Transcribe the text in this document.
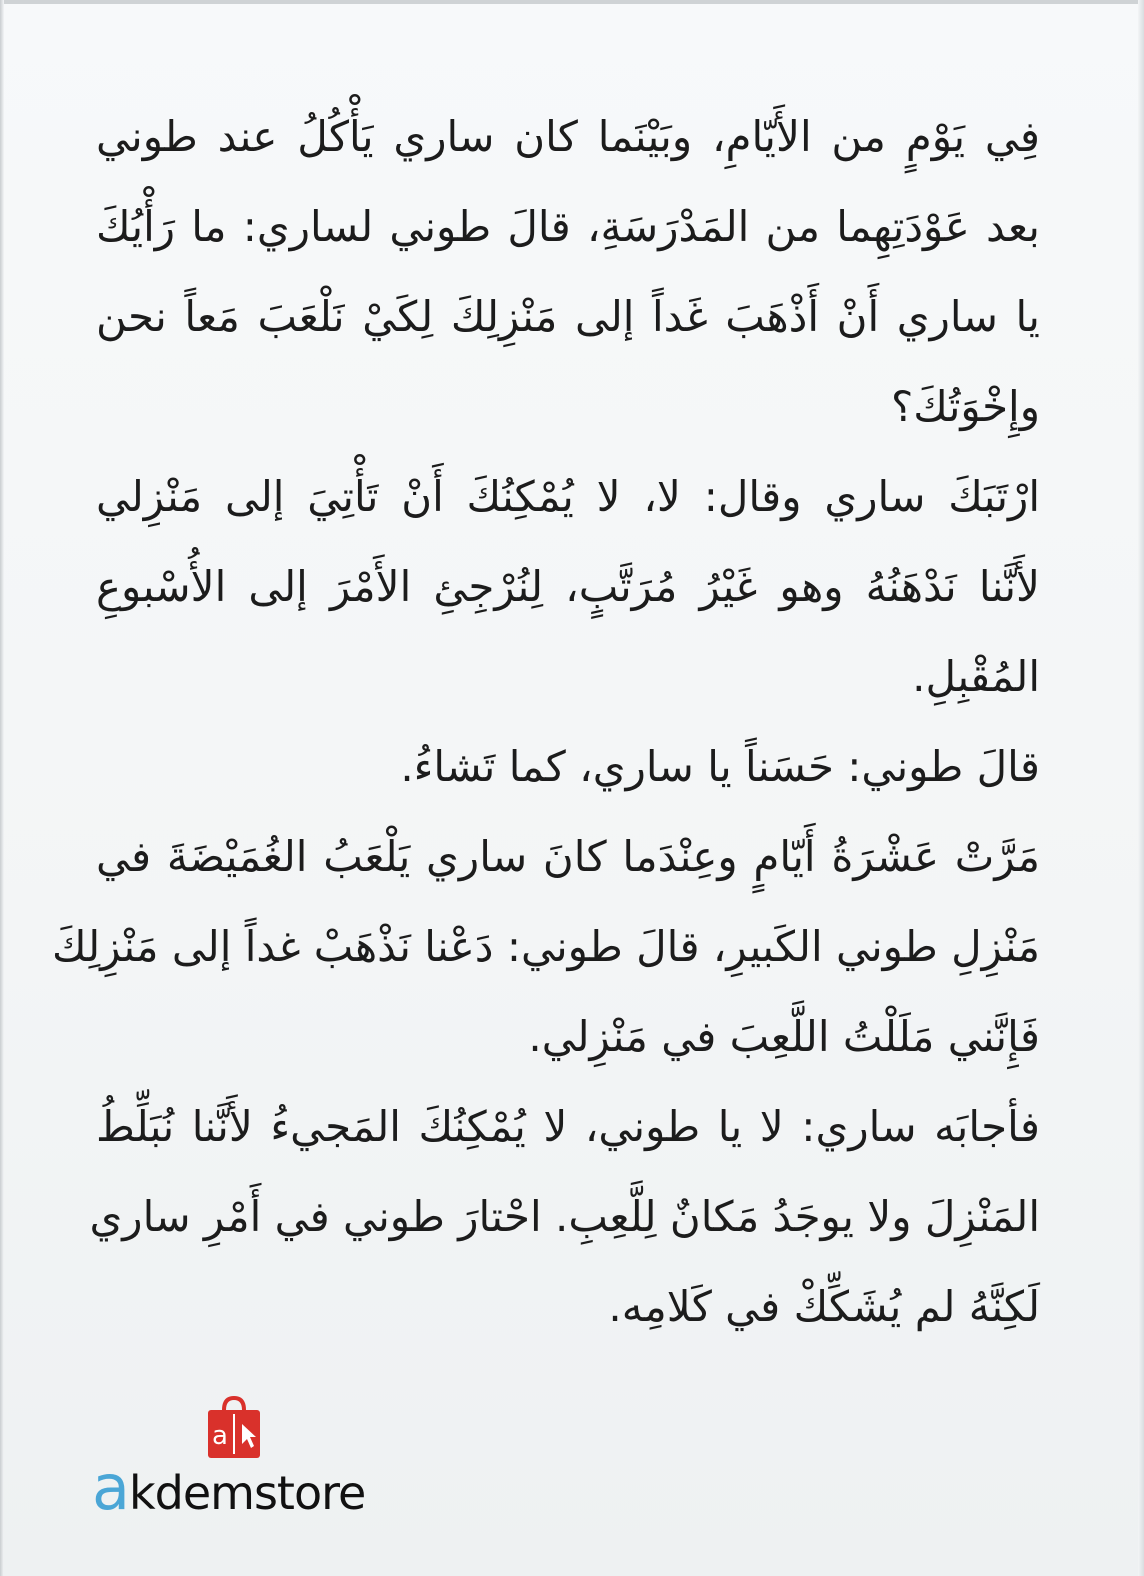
فِي يَوْمٍ من الأَيّامِ، وبَيْنَما كان ساري يَأْكُلُ عند طوني
بعد عَوْدَتِهِما من المَدْرَسَةِ، قالَ طوني لساري: ما رَأْيُكَ
يا ساري أَنْ أَذْهَبَ غَداً إلى مَنْزِلِكَ لِكَيْ نَلْعَبَ مَعاً نحن
وإِخْوَتُكَ؟
ارْتَبَكَ ساري وقال: لا، لا يُمْكِنُكَ أَنْ تَأْتِيَ إلى مَنْزِلي
لأَنَّنا نَدْهَنُهُ وهو غَيْرُ مُرَتَّبٍ، لِنُرْجِئِ الأَمْرَ إلى الأُسْبوعِ
المُقْبِلِ.
قالَ طوني: حَسَناً يا ساري، كما تَشاءُ.
مَرَّتْ عَشْرَةُ أَيّامٍ وعِنْدَما كانَ ساري يَلْعَبُ الغُمَيْضَةَ في
مَنْزِلِ طوني الكَبيرِ، قالَ طوني: دَعْنا نَذْهَبْ غداً إلى مَنْزِلِكَ
فَإِنَّني مَلَلْتُ اللَّعِبَ في مَنْزِلي.
فأجابَه ساري: لا يا طوني، لا يُمْكِنُكَ المَجيءُ لأَنَّنا نُبَلِّطُ
المَنْزِلَ ولا يوجَدُ مَكانٌ لِلَّعِبِ. احْتارَ طوني في أَمْرِ ساري
لَكِنَّهُ لم يُشَكِّكْ في كَلامِه.
a
akdemstore
